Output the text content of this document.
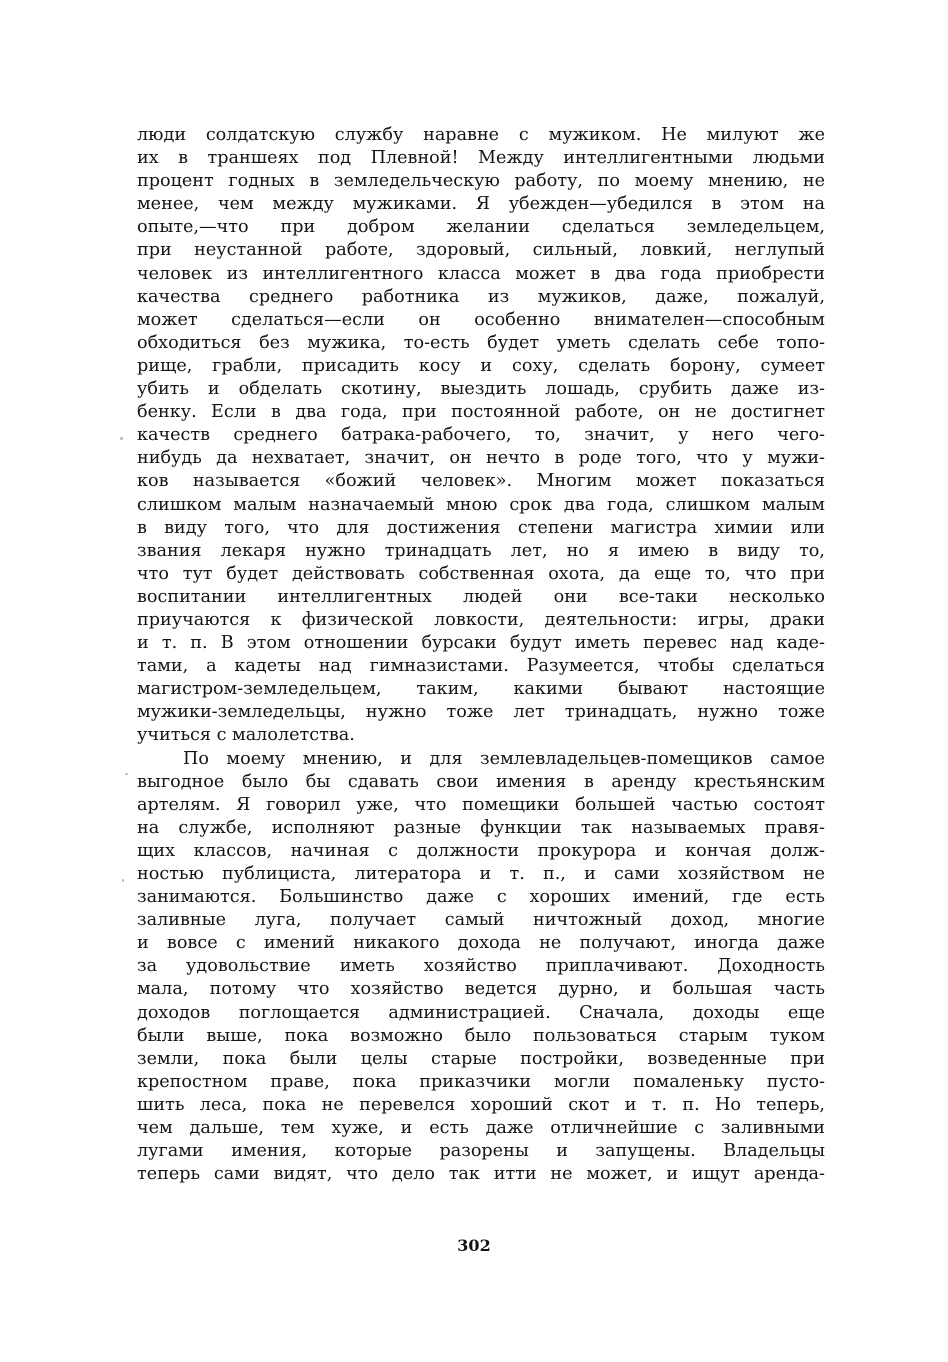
люди солдатскую службу наравне с мужиком. Не милуют же
их в траншеях под Плевной! Между интеллигентными людьми
процент годных в земледельческую работу, по моему мнению, не
менее, чем между мужиками. Я убежден—убедился в этом на
опыте,—что при добром желании сделаться земледельцем,
при неустанной работе, здоровый, сильный, ловкий, неглупый
человек из интеллигентного класса может в два года приобрести
качества среднего работника из мужиков, даже, пожалуй,
может сделаться—если он особенно внимателен—способным
обходиться без мужика, то-есть будет уметь сделать себе топо-
рище, грабли, присадить косу и соху, сделать борону, сумеет
убить и обделать скотину, выездить лошадь, срубить даже из-
бенку. Если в два года, при постоянной работе, он не достигнет
качеств среднего батрака-рабочего, то, значит, у него чего-
нибудь да нехватает, значит, он нечто в роде того, что у мужи-
ков называется «божий человек». Многим может показаться
слишком малым назначаемый мною срок два года, слишком малым
в виду того, что для достижения степени магистра химии или
звания лекаря нужно тринадцать лет, но я имею в виду то,
что тут будет действовать собственная охота, да еще то, что при
воспитании интеллигентных людей они все-таки несколько
приучаются к физической ловкости, деятельности: игры, драки
и т. п. В этом отношении бурсаки будут иметь перевес над каде-
тами, а кадеты над гимназистами. Разумеется, чтобы сделаться
магистром-земледельцем, таким, какими бывают настоящие
мужики-земледельцы, нужно тоже лет тринадцать, нужно тоже
учиться с малолетства.
По моему мнению, и для землевладельцев-помещиков самое
выгодное было бы сдавать свои имения в аренду крестьянским
артелям. Я говорил уже, что помещики большей частью состоят
на службе, исполняют разные функции так называемых правя-
щих классов, начиная с должности прокурора и кончая долж-
ностью публициста, литератора и т. п., и сами хозяйством не
занимаются. Большинство даже с хороших имений, где есть
заливные луга, получает самый ничтожный доход, многие
и вовсе с имений никакого дохода не получают, иногда даже
за удовольствие иметь хозяйство приплачивают. Доходность
мала, потому что хозяйство ведется дурно, и большая часть
доходов поглощается администрацией. Сначала, доходы еще
были выше, пока возможно было пользоваться старым туком
земли, пока были целы старые постройки, возведенные при
крепостном праве, пока приказчики могли помаленьку пусто-
шить леса, пока не перевелся хороший скот и т. п. Но теперь,
чем дальше, тем хуже, и есть даже отличнейшие с заливными
лугами имения, которые разорены и запущены. Владельцы
теперь сами видят, что дело так итти не может, и ищут аренда-
302
